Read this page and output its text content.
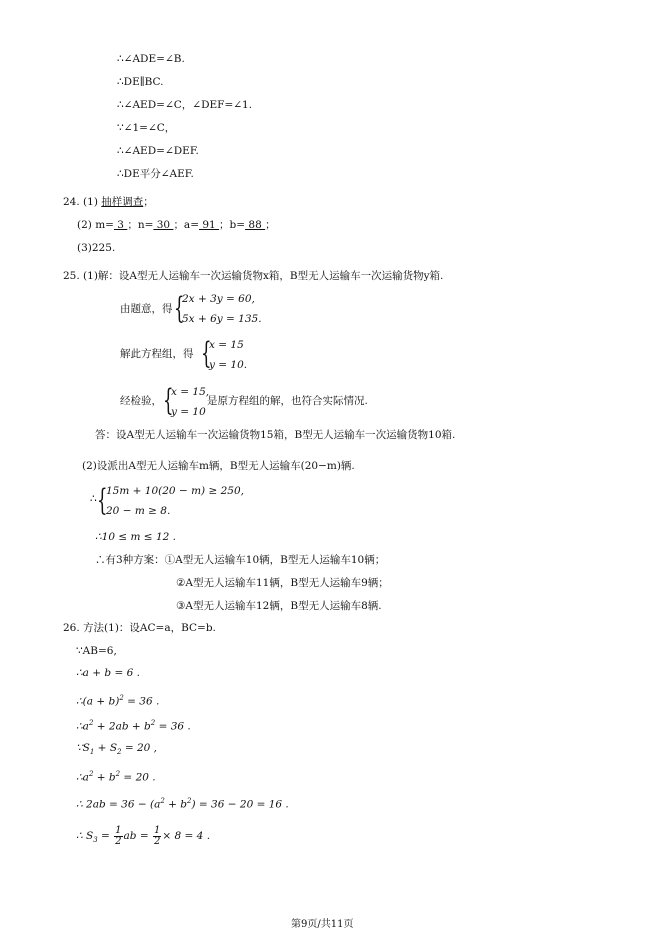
∴∠ADE=∠B.
∴DE∥BC.
∴∠AED=∠C，∠DEF=∠1.
∵∠1=∠C，
∴∠AED=∠DEF.
∴DE平分∠AEF.
24. (1) 抽样调查；
(2) m= 3 ；n= 30 ；a= 91 ；b= 88 ；
(3)225.
25. (1)解：设A型无人运输车一次运输货物x箱，B型无人运输车一次运输货物y箱.
由题意，得 {
2x + 3y = 60,
5x + 6y = 135.
解此方程组，得 {
x = 15
y = 10.
经检验， {
x = 15,
y = 10
是原方程组的解，也符合实际情况.
答：设A型无人运输车一次运输货物15箱，B型无人运输车一次运输货物10箱.
(2)设派出A型无人运输车m辆，B型无人运输车(20−m)辆.
∴ {
15m + 10(20 − m) ≥ 250,
20 − m ≥ 8.
∴10 ≤ m ≤ 12 .
∴有3种方案：①A型无人运输车10辆，B型无人运输车10辆；
②A型无人运输车11辆，B型无人运输车9辆；
③A型无人运输车12辆，B型无人运输车8辆.
26. 方法(1)：设AC=a，BC=b.
∵AB=6,
∴a + b = 6 .
∴(a + b)$^2$ = 36 .
$\therefore a^2 + 2ab + b^2 = 36$ .
$\because S_1 + S_2 = 20$ ,
$\therefore a^2 + b^2 = 20$ .
∴ $2ab = 36 - (a^2 + b^2) = 36 - 20 = 16$ .
∴ $S_3 = \frac{1}{2}$ ab = $\frac{1}{2} \times 8 = 4$ .
第9页/共11页
